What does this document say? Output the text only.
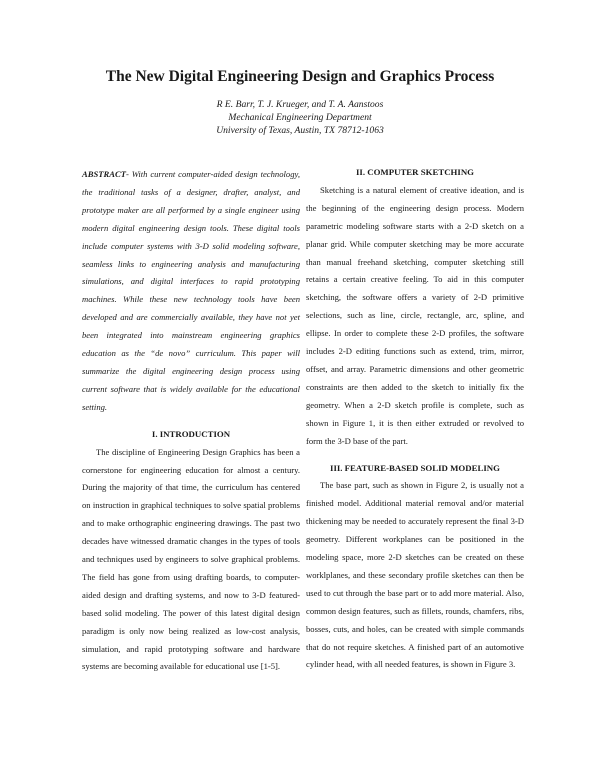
The New Digital Engineering Design and Graphics Process
R E. Barr, T. J. Krueger, and T. A. Aanstoos
Mechanical Engineering Department
University of Texas, Austin, TX 78712-1063

ABSTRACT- With current computer-aided design technology, the traditional tasks of a designer, drafter, analyst, and prototype maker are all performed by a single engineer using modern digital engineering design tools. These digital tools include computer systems with 3-D solid modeling software, seamless links to engineering analysis and manufacturing simulations, and digital interfaces to rapid prototyping machines. While these new technology tools have been developed and are commercially available, they have not yet been integrated into mainstream engineering graphics education as the “de novo” curriculum. This paper will summarize the digital engineering design process using current software that is widely available for the educational setting.

I. INTRODUCTION

The discipline of Engineering Design Graphics has been a cornerstone for engineering education for almost a century. During the majority of that time, the curriculum has centered on instruction in graphical techniques to solve spatial problems and to make orthographic engineering drawings. The past two decades have witnessed dramatic changes in the types of tools and techniques used by engineers to solve graphical problems. The field has gone from using drafting boards, to computer-aided design and drafting systems, and now to 3-D featured-based solid modeling. The power of this latest digital design paradigm is only now being realized as low-cost analysis, simulation, and rapid prototyping software and hardware systems are becoming available for educational use [1-5].

II. COMPUTER SKETCHING

Sketching is a natural element of creative ideation, and is the beginning of the engineering design process. Modern parametric modeling software starts with a 2-D sketch on a planar grid. While computer sketching may be more accurate than manual freehand sketching, computer sketching still retains a certain creative feeling. To aid in this computer sketching, the software offers a variety of 2-D primitive selections, such as line, circle, rectangle, arc, spline, and ellipse. In order to complete these 2-D profiles, the software includes 2-D editing functions such as extend, trim, mirror, offset, and array. Parametric dimensions and other geometric constraints are then added to the sketch to initially fix the geometry. When a 2-D sketch profile is complete, such as shown in Figure 1, it is then either extruded or revolved to form the 3-D base of the part.

III. FEATURE-BASED SOLID MODELING

The base part, such as shown in Figure 2, is usually not a finished model. Additional material removal and/or material thickening may be needed to accurately represent the final 3-D geometry. Different workplanes can be positioned in the modeling space, more 2-D sketches can be created on these worklplanes, and these secondary profile sketches can then be used to cut through the base part or to add more material. Also, common design features, such as fillets, rounds, chamfers, ribs, bosses, cuts, and holes, can be created with simple commands that do not require sketches. A finished part of an automotive cylinder head, with all needed features, is shown in Figure 3.
